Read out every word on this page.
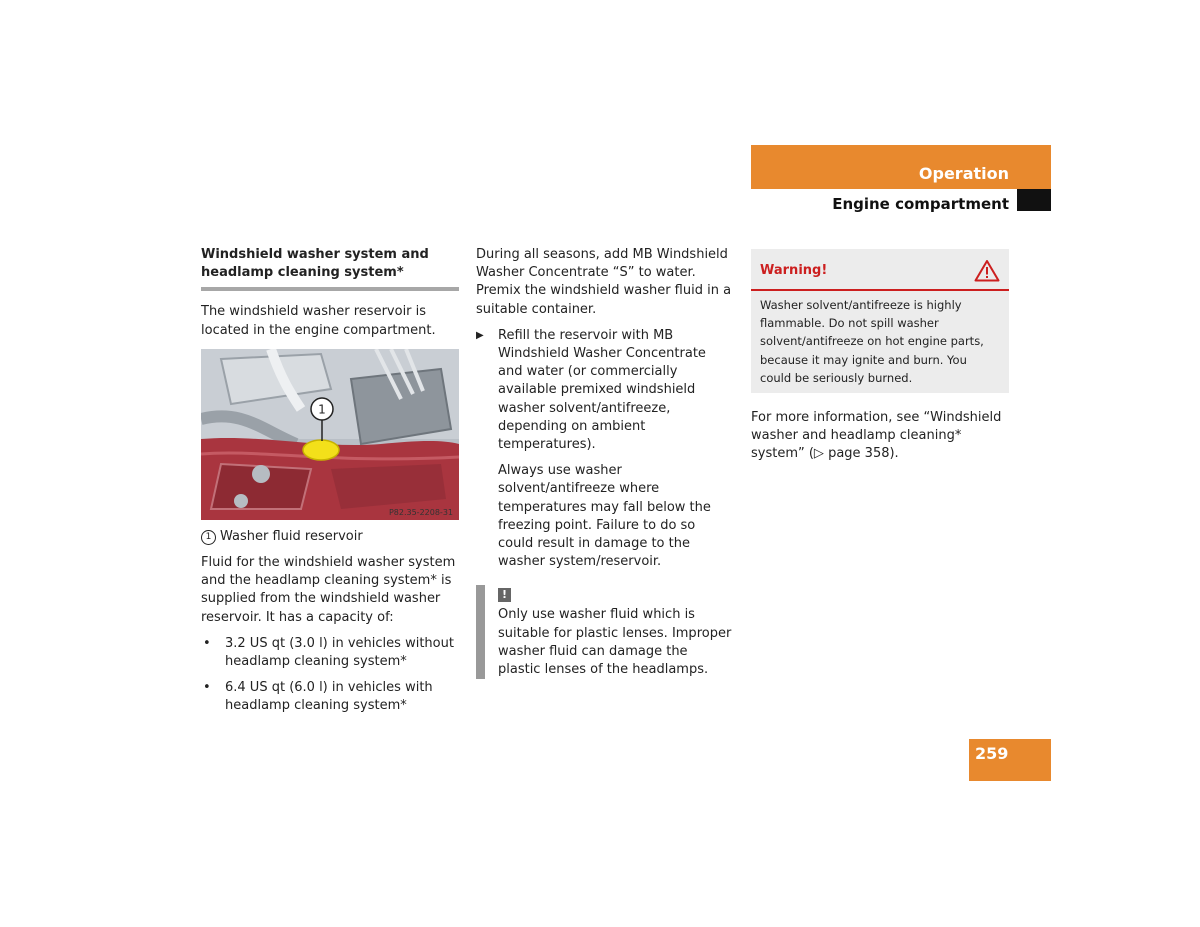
Operation
Engine compartment
Windshield washer system and headlamp cleaning system*

The windshield washer reservoir is located in the engine compartment.

1
P82.35-2208-31
1 Washer fluid reservoir

Fluid for the windshield washer system and the headlamp cleaning system* is supplied from the windshield washer reservoir. It has a capacity of:

•	3.2 US qt (3.0 l) in vehicles without headlamp cleaning system*
•	6.4 US qt (6.0 l) in vehicles with headlamp cleaning system*

During all seasons, add MB Windshield Washer Concentrate “S” to water. Premix the windshield washer fluid in a suitable container.

▶	Refill the reservoir with MB Windshield Washer Concentrate and water (or commercially available premixed windshield washer solvent/antifreeze, depending on ambient temperatures).

Always use washer solvent/antifreeze where temperatures may fall below the freezing point. Failure to do so could result in damage to the washer system/reservoir.

!

Only use washer fluid which is suitable for plastic lenses. Improper washer fluid can damage the plastic lenses of the headlamps.

Warning!
Washer solvent/antifreeze is highly flammable. Do not spill washer solvent/antifreeze on hot engine parts, because it may ignite and burn. You could be seriously burned.

For more information, see “Windshield washer and headlamp cleaning* system” (▷ page 358).

259
